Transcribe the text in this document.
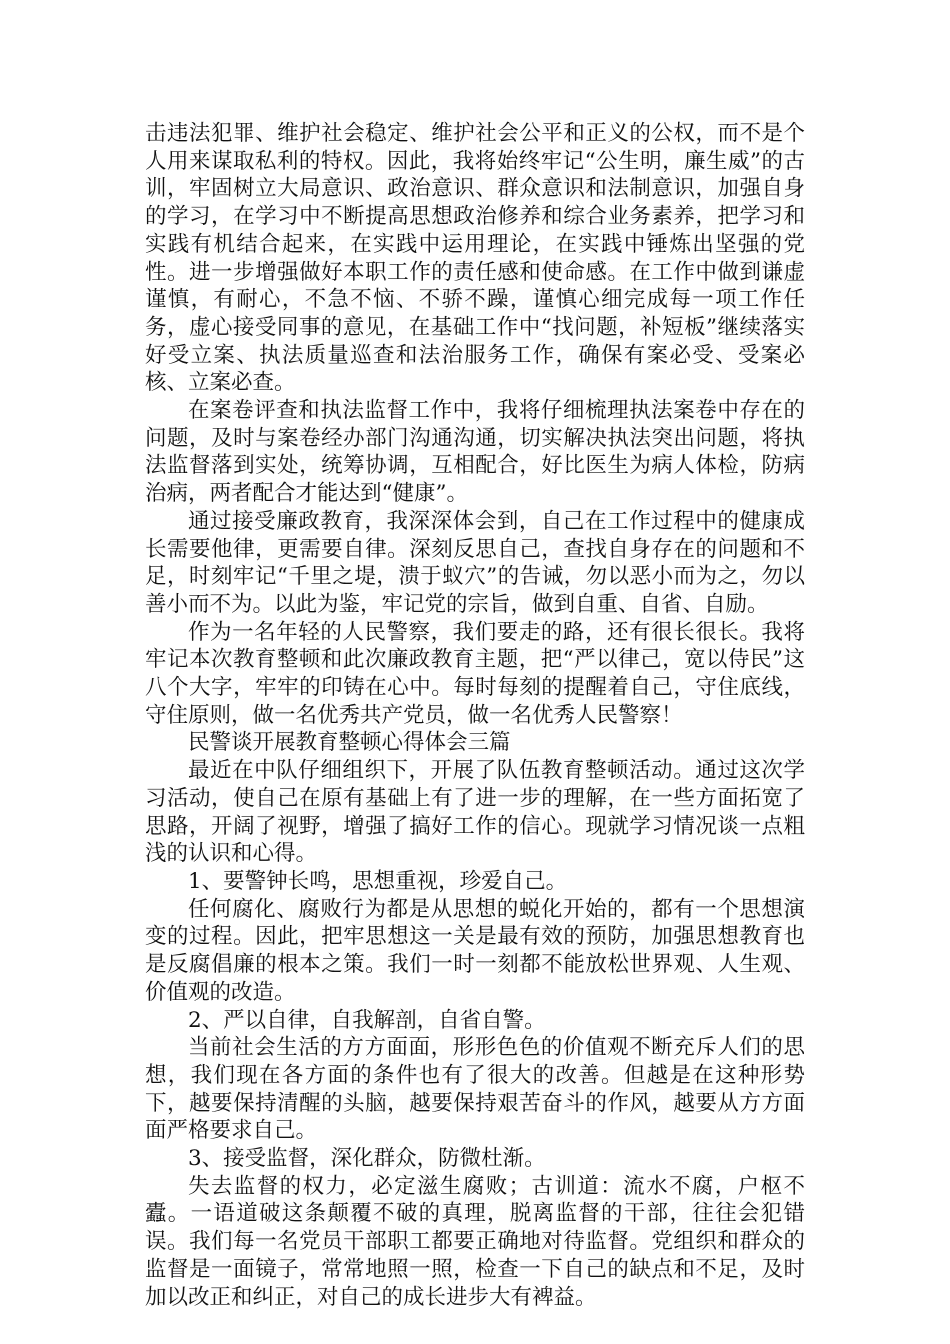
击违法犯罪、维护社会稳定、维护社会公平和正义的公权，而不是个人用来谋取私利的特权。因此，我将始终牢记“公生明，廉生威”的古训，牢固树立大局意识、政治意识、群众意识和法制意识，加强自身的学习，在学习中不断提高思想政治修养和综合业务素养，把学习和实践有机结合起来，在实践中运用理论，在实践中锤炼出坚强的党性。进一步增强做好本职工作的责任感和使命感。在工作中做到谦虚谨慎，有耐心，不急不恼、不骄不躁，谨慎心细完成每一项工作任务，虚心接受同事的意见，在基础工作中“找问题，补短板”继续落实好受立案、执法质量巡查和法治服务工作，确保有案必受、受案必核、立案必查。

在案卷评查和执法监督工作中，我将仔细梳理执法案卷中存在的问题，及时与案卷经办部门沟通沟通，切实解决执法突出问题，将执法监督落到实处，统筹协调，互相配合，好比医生为病人体检，防病治病，两者配合才能达到“健康”。

通过接受廉政教育，我深深体会到，自己在工作过程中的健康成长需要他律，更需要自律。深刻反思自己，查找自身存在的问题和不足，时刻牢记“千里之堤，溃于蚁穴”的告诫，勿以恶小而为之，勿以善小而不为。以此为鉴，牢记党的宗旨，做到自重、自省、自励。

作为一名年轻的人民警察，我们要走的路，还有很长很长。我将牢记本次教育整顿和此次廉政教育主题，把“严以律己，宽以侍民”这八个大字，牢牢的印铸在心中。每时每刻的提醒着自己，守住底线，守住原则，做一名优秀共产党员，做一名优秀人民警察！

民警谈开展教育整顿心得体会三篇

最近在中队仔细组织下，开展了队伍教育整顿活动。通过这次学习活动，使自己在原有基础上有了进一步的理解，在一些方面拓宽了思路，开阔了视野，增强了搞好工作的信心。现就学习情况谈一点粗浅的认识和心得。

1、要警钟长鸣，思想重视，珍爱自己。

任何腐化、腐败行为都是从思想的蜕化开始的，都有一个思想演变的过程。因此，把牢思想这一关是最有效的预防，加强思想教育也是反腐倡廉的根本之策。我们一时一刻都不能放松世界观、人生观、价值观的改造。

2、严以自律，自我解剖，自省自警。

当前社会生活的方方面面，形形色色的价值观不断充斥人们的思想，我们现在各方面的条件也有了很大的改善。但越是在这种形势下，越要保持清醒的头脑，越要保持艰苦奋斗的作风，越要从方方面面严格要求自己。

3、接受监督，深化群众，防微杜渐。

失去监督的权力，必定滋生腐败；古训道：流水不腐，户枢不蠹。一语道破这条颠覆不破的真理，脱离监督的干部，往往会犯错误。我们每一名党员干部职工都要正确地对待监督。党组织和群众的监督是一面镜子，常常地照一照，检查一下自己的缺点和不足，及时加以改正和纠正，对自己的成长进步大有裨益。
